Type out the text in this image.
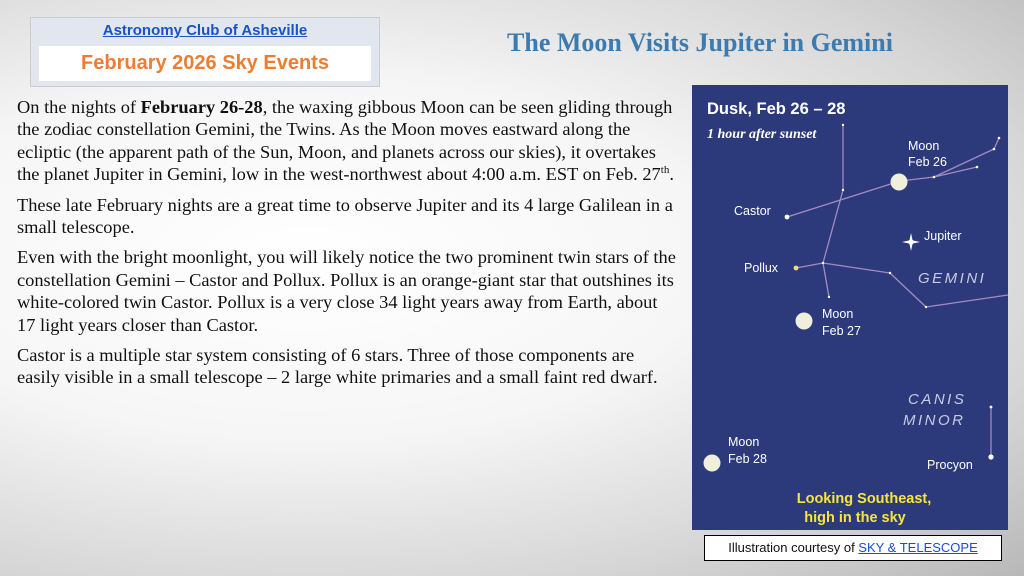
Astronomy Club of Asheville
February 2026 Sky Events
The Moon Visits Jupiter in Gemini

On the nights of February 26-28, the waxing gibbous Moon can be seen gliding through the zodiac constellation Gemini, the Twins. As the Moon moves eastward along the ecliptic (the apparent path of the Sun, Moon, and planets across our skies), it overtakes the planet Jupiter in Gemini, low in the west-northwest about 4:00 a.m. EST on Feb. 27th.

These late February nights are a great time to observe Jupiter and its 4 large Galilean in a small telescope.

Even with the bright moonlight, you will likely notice the two prominent twin stars of the constellation Gemini – Castor and Pollux. Pollux is an orange-giant star that outshines its white-colored twin Castor. Pollux is a very close 34 light years away from Earth, about 17 light years closer than Castor.

Castor is a multiple star system consisting of 6 stars. Three of those components are easily visible in a small telescope – 2 large white primaries and a small faint red dwarf.

Dusk, Feb 26 – 28
1 hour after sunset
Moon
Feb 26
Castor
Jupiter
Pollux
Moon
Feb 27
Moon
Feb 28	Procyon
GEMINI
CANIS
MINOR
Looking Southeast,
high in the sky
Illustration courtesy of SKY & TELESCOPE
